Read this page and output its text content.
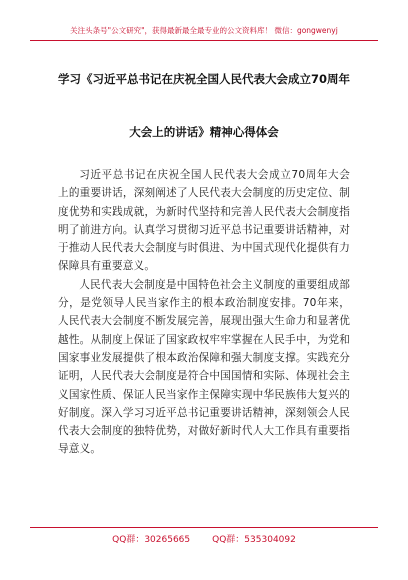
关注头条号"公文研究"，获得最新最全最专业的公文资料库！ 微信：gongwenyj
学习《习近平总书记在庆祝全国人民代表大会成立70周年
大会上的讲话》精神心得体会

习近平总书记在庆祝全国人民代表大会成立70周年大会上的重要讲话，深刻阐述了人民代表大会制度的历史定位、制度优势和实践成就，为新时代坚持和完善人民代表大会制度指明了前进方向。认真学习贯彻习近平总书记重要讲话精神，对于推动人民代表大会制度与时俱进、为中国式现代化提供有力保障具有重要意义。

人民代表大会制度是中国特色社会主义制度的重要组成部分，是党领导人民当家作主的根本政治制度安排。70年来，人民代表大会制度不断发展完善，展现出强大生命力和显著优越性。从制度上保证了国家政权牢牢掌握在人民手中，为党和国家事业发展提供了根本政治保障和强大制度支撑。实践充分证明，人民代表大会制度是符合中国国情和实际、体现社会主义国家性质、保证人民当家作主保障实现中华民族伟大复兴的好制度。深入学习习近平总书记重要讲话精神，深刻领会人民代表大会制度的独特优势，对做好新时代人大工作具有重要指导意义。

QQ群：30265665 QQ群：535304092
